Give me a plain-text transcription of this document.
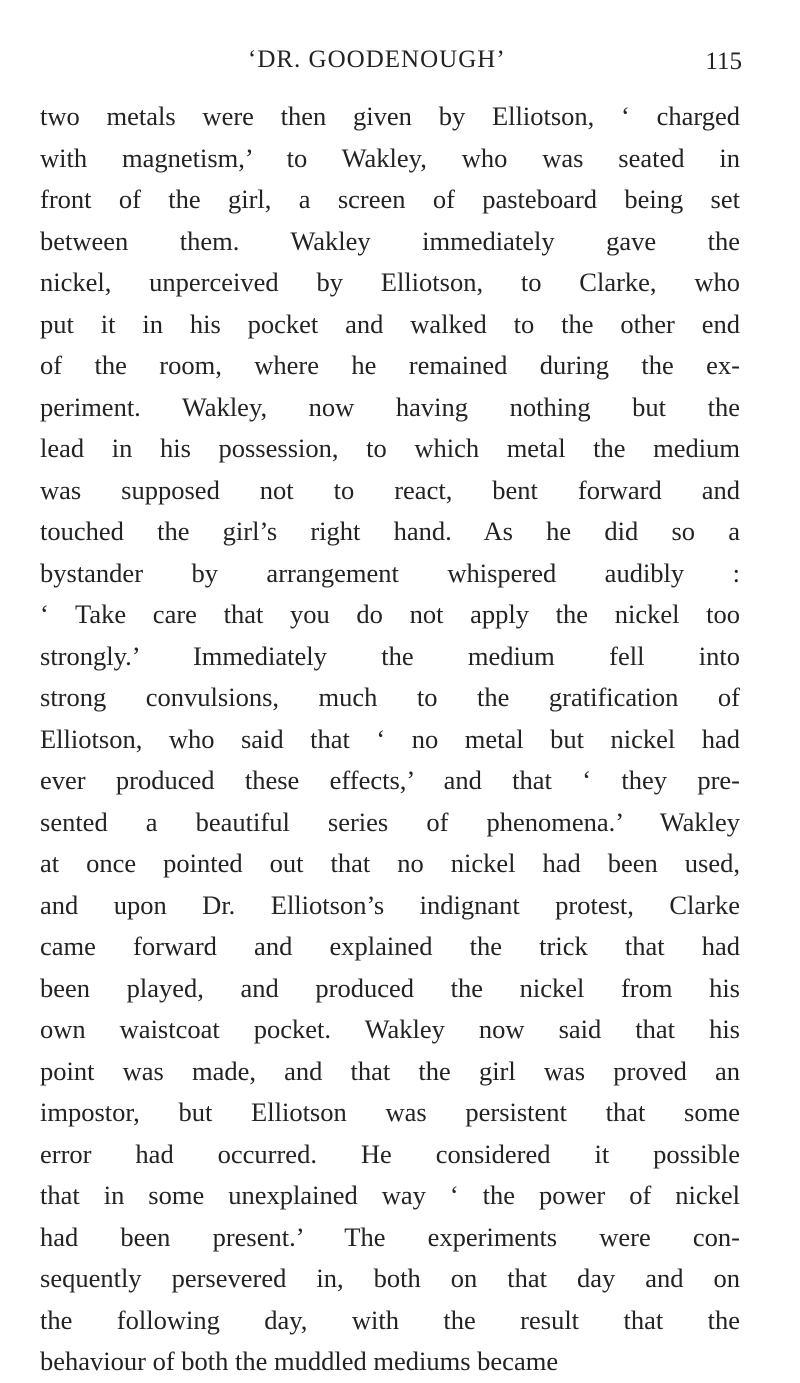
‘DR. GOODENOUGH’	115
two metals were then given by Elliotson, ‘ charged
with magnetism,’ to Wakley, who was seated in
front of the girl, a screen of pasteboard being set
between them. Wakley immediately gave the
nickel, unperceived by Elliotson, to Clarke, who
put it in his pocket and walked to the other end
of the room, where he remained during the ex-
periment. Wakley, now having nothing but the
lead in his possession, to which metal the medium
was supposed not to react, bent forward and
touched the girl’s right hand. As he did so a
bystander by arrangement whispered audibly :
‘ Take care that you do not apply the nickel too
strongly.’ Immediately the medium fell into
strong convulsions, much to the gratification of
Elliotson, who said that ‘ no metal but nickel had
ever produced these effects,’ and that ‘ they pre-
sented a beautiful series of phenomena.’ Wakley
at once pointed out that no nickel had been used,
and upon Dr. Elliotson’s indignant protest, Clarke
came forward and explained the trick that had
been played, and produced the nickel from his
own waistcoat pocket. Wakley now said that his
point was made, and that the girl was proved an
impostor, but Elliotson was persistent that some
error had occurred. He considered it possible
that in some unexplained way ‘ the power of nickel
had been present.’ The experiments were con-
sequently persevered in, both on that day and on
the following day, with the result that the
behaviour of both the muddled mediums became
